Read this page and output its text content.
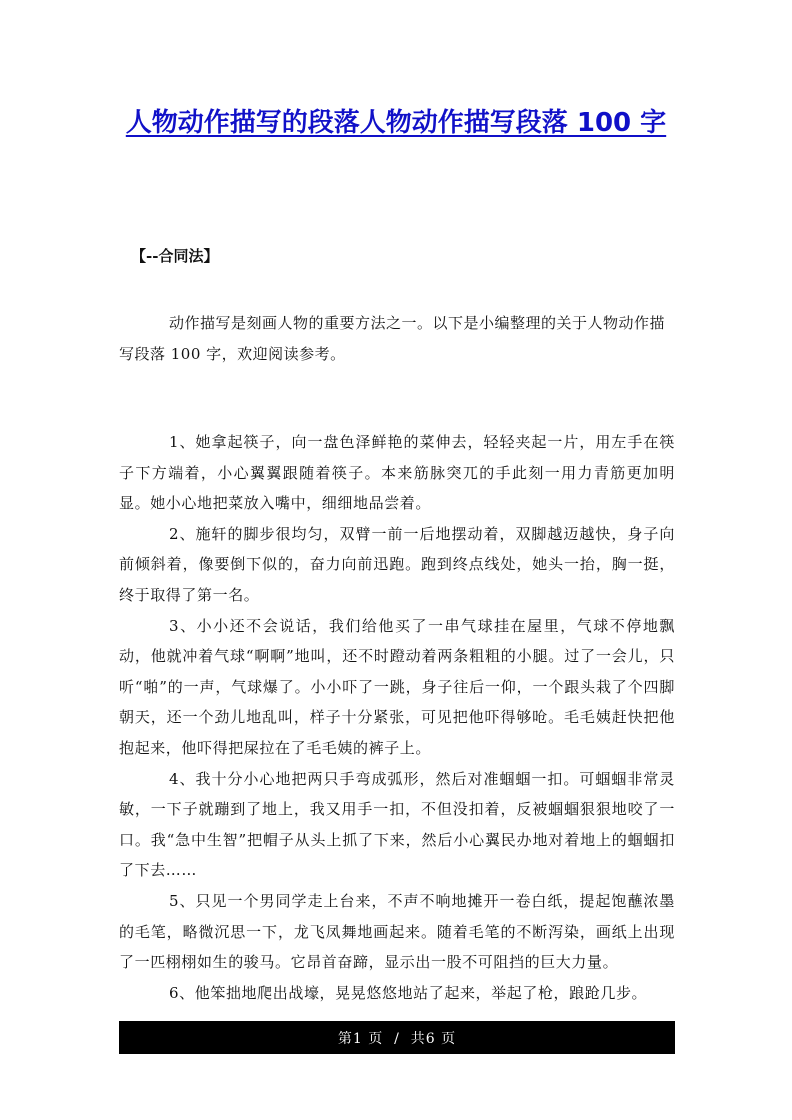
人物动作描写的段落人物动作描写段落 100 字
【--合同法】
动作描写是刻画人物的重要方法之一。以下是小编整理的关于人物动作描写段落 100 字，欢迎阅读参考。

1、她拿起筷子，向一盘色泽鲜艳的菜伸去，轻轻夹起一片，用左手在筷子下方端着，小心翼翼跟随着筷子。本来筋脉突兀的手此刻一用力青筋更加明显。她小心地把菜放入嘴中，细细地品尝着。

2、施轩的脚步很均匀，双臂一前一后地摆动着，双脚越迈越快，身子向前倾斜着，像要倒下似的，奋力向前迅跑。跑到终点线处，她头一抬，胸一挺，终于取得了第一名。

3、小小还不会说话，我们给他买了一串气球挂在屋里，气球不停地飘动，他就冲着气球“啊啊”地叫，还不时蹬动着两条粗粗的小腿。过了一会儿，只听“啪”的一声，气球爆了。小小吓了一跳，身子往后一仰，一个跟头栽了个四脚朝天，还一个劲儿地乱叫，样子十分紧张，可见把他吓得够呛。毛毛姨赶快把他抱起来，他吓得把屎拉在了毛毛姨的裤子上。

4、我十分小心地把两只手弯成弧形，然后对准蝈蝈一扣。可蝈蝈非常灵敏，一下子就蹦到了地上，我又用手一扣，不但没扣着，反被蝈蝈狠狠地咬了一口。我“急中生智”把帽子从头上抓了下来，然后小心翼民办地对着地上的蝈蝈扣了下去……

5、只见一个男同学走上台来，不声不响地摊开一卷白纸，提起饱蘸浓墨的毛笔，略微沉思一下，龙飞凤舞地画起来。随着毛笔的不断泻染，画纸上出现了一匹栩栩如生的骏马。它昂首奋蹄，显示出一股不可阻挡的巨大力量。

6、他笨拙地爬出战壕，晃晃悠悠地站了起来，举起了枪，踉跄几步。

第1 页  /  共6 页
